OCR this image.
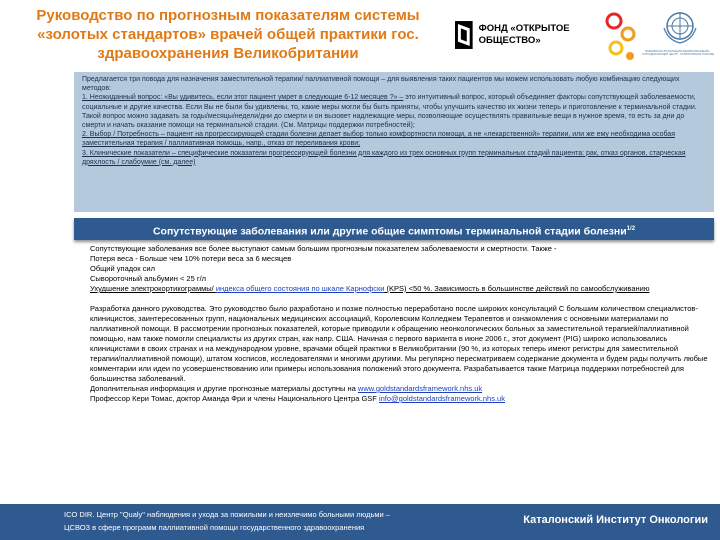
Руководство по прогнозным показателям системы «золотых стандартов» врачей общей практики гос. здравоохранения Великобритании
ФОНД «ОТКРЫТОЕ ОБЩЕСТВО»
ВСЕМИРНАЯ ОРГАНИЗАЦИЯ ЗДРАВООХРАНЕНИЯ · СОТРУДНИЧАЮЩИЙ ЦЕНТР · ПАЛЛИАТИВНАЯ ПОМОЩЬ

Предлагается три повода для назначения заместительной терапии/ паллиативной помощи – для выявления таких пациентов мы можем использовать любую комбинацию следующих методов:

1. Неожиданный вопрос: «Вы удивитесь, если этот пациент умрет в следующие 6-12 месяцев ?» – это интуитивный вопрос, который объединяет факторы сопутствующей заболеваемости, социальные и другие качества. Если Вы не были бы удивлены, то, какие меры могли бы быть приняты, чтобы улучшить качество их жизни теперь и приготовление к терминальной стадии. Такой вопрос можно задавать за годы/месяцы/недели/дни до смерти и он вызовет надлежащие меры, позволяющие осуществлять правильные вещи в нужное время, то есть за дни до смерти и начать оказание помощи на терминальной стадии. (См. Матрицы поддержки потребностей);

2. Выбор / Потребность – пациент на прогрессирующей стадии болезни делает выбор только комфортности помощи, а не «лекарственной» терапии, или же ему необходима особая заместительная терапия / паллиативная помощь, напр., отказ от переливания крови;

3. Клинические показатели – специфические показатели прогрессирующей болезни для каждого из трех основных групп терминальных стадий пациента: рак, отказ органов, старческая дряхлость / слабоумие (см. далее)

Сопутствующие заболевания или другие общие симптомы терминальной стадии болезни$^{1/2}$
Сопутствующие заболевания все более выступают самым большим прогнозным показателем заболеваемости и смертности. Также -
Потеря веса - Больше чем 10% потери веса за 6 месяцев
Общий упадок сил
Сывороточный альбумин < 25 г/л
Ухудшение электрокортикограммы/ индекса общего состояния по шкале Карнофски (KPS) <50 %. Зависимость в большинстве действий по самообслуживанию
Разработка данного руководства. Это руководство было разработано и позже полностью переработано после широких консультаций С большим количеством специалистов-клиницистов, заинтересованных групп, национальных медицинских ассоциаций, Королевским Колледжем Терапевтов и ознакомления с основными материалами по паллиативной помощи. В рассмотрении прогнозных показателей, которые приводили к обращению неонкологических больных за заместительной терапией/паллиативной помощью, нам также помогли специалисты из других стран, как напр. США. Начиная с первого варианта в июне 2006 г., этот документ (PIG) широко использовались клиницистами в своих странах и на международном уровне, врачами общей практики в Великобритании (90 %, из которых теперь имеют регистры для заместительной терапии/паллиативной помощи), штатом хосписов, исследователями и многими другими. Мы регулярно пересматриваем содержание документа и будем рады получить любые комментарии или идеи по усовершенствованию или примеры использования положений этого документа. Разрабатывается также Матрица поддержки потребностей для большинства заболеваний.
Дополнительная информация и другие прогнозные материалы доступны на www.goldstandardsframework.nhs.uk
Профессор Кери Томас, доктор Аманда Фри и члены Национального Центра GSF info@goldstandardsframework.nhs.uk
ICO DIR. Центр "Qualy" наблюдения и ухода за пожилыми и неизлечимо больными людьми –
ЦСВОЗ в сфере программ паллиативной помощи государственного здравоохранения
Каталонский Институт Онкологии
